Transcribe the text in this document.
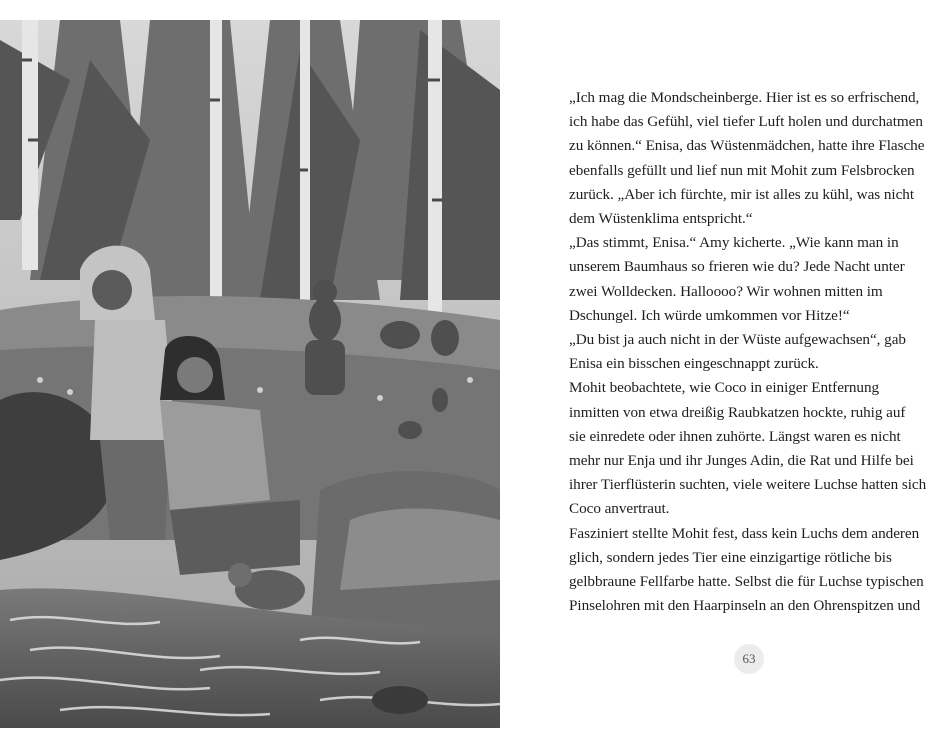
„Ich mag die Mondscheinberge. Hier ist es so erfrischend,
ich habe das Gefühl, viel tiefer Luft holen und durchatmen
zu können.“ Enisa, das Wüstenmädchen, hatte ihre Flasche
ebenfalls gefüllt und lief nun mit Mohit zum Felsbrocken
zurück. „Aber ich fürchte, mir ist alles zu kühl, was nicht
dem Wüstenklima entspricht.“
„Das stimmt, Enisa.“ Amy kicherte. „Wie kann man in
unserem Baumhaus so frieren wie du? Jede Nacht unter
zwei Wolldecken. Halloooo? Wir wohnen mitten im
Dschungel. Ich würde umkommen vor Hitze!“
„Du bist ja auch nicht in der Wüste aufgewachsen“, gab
Enisa ein bisschen eingeschnappt zurück.
Mohit beobachtete, wie Coco in einiger Entfernung
inmitten von etwa dreißig Raubkatzen hockte, ruhig auf
sie einredete oder ihnen zuhörte. Längst waren es nicht
mehr nur Enja und ihr Junges Adin, die Rat und Hilfe bei
ihrer Tierflüsterin suchten, viele weitere Luchse hatten sich
Coco anvertraut.
Fasziniert stellte Mohit fest, dass kein Luchs dem anderen
glich, sondern jedes Tier eine einzigartige rötliche bis
gelbbraune Fellfarbe hatte. Selbst die für Luchse typischen
Pinselohren mit den Haarpinseln an den Ohrenspitzen und
63
